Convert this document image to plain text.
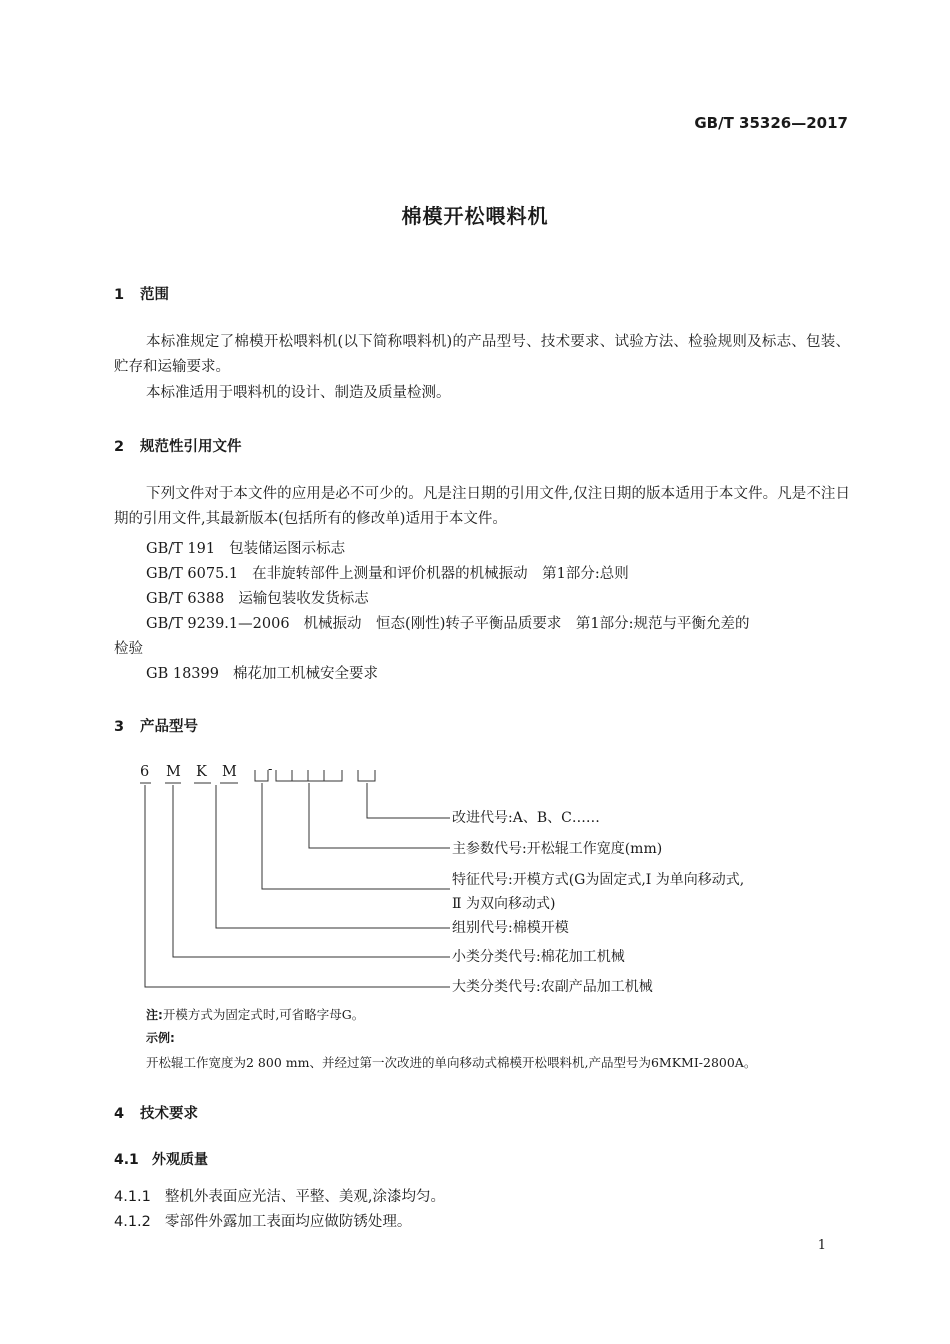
GB/T 35326—2017
棉模开松喂料机
1 范围
本标准规定了棉模开松喂料机(以下简称喂料机)的产品型号、技术要求、试验方法、检验规则及标志、包装、贮存和运输要求。
本标准适用于喂料机的设计、制造及质量检测。
2 规范性引用文件
下列文件对于本文件的应用是必不可少的。凡是注日期的引用文件,仅注日期的版本适用于本文件。凡是不注日期的引用文件,其最新版本(包括所有的修改单)适用于本文件。
GB/T 191 包装储运图示标志
GB/T 6075.1 在非旋转部件上测量和评价机器的机械振动　第1部分:总则
GB/T 6388 运输包装收发货标志
GB/T 9239.1—2006 机械振动　恒态(刚性)转子平衡品质要求　第1部分:规范与平衡允差的
检验
GB 18399 棉花加工机械安全要求
3 产品型号
6 M K M -
改进代号:A、B、C……
主参数代号:开松辊工作宽度(mm)
特征代号:开模方式(G为固定式,Ⅰ 为单向移动式,
Ⅱ 为双向移动式)
组别代号:棉模开模
小类分类代号:棉花加工机械
大类分类代号:农副产品加工机械
注:开模方式为固定式时,可省略字母G。
示例:
开松辊工作宽度为2 800 mm、并经过第一次改进的单向移动式棉模开松喂料机,产品型号为6MKMⅠ-2800A。
4 技术要求
4.1 外观质量
4.1.1 整机外表面应光洁、平整、美观,涂漆均匀。
4.1.2 零部件外露加工表面均应做防锈处理。
1
